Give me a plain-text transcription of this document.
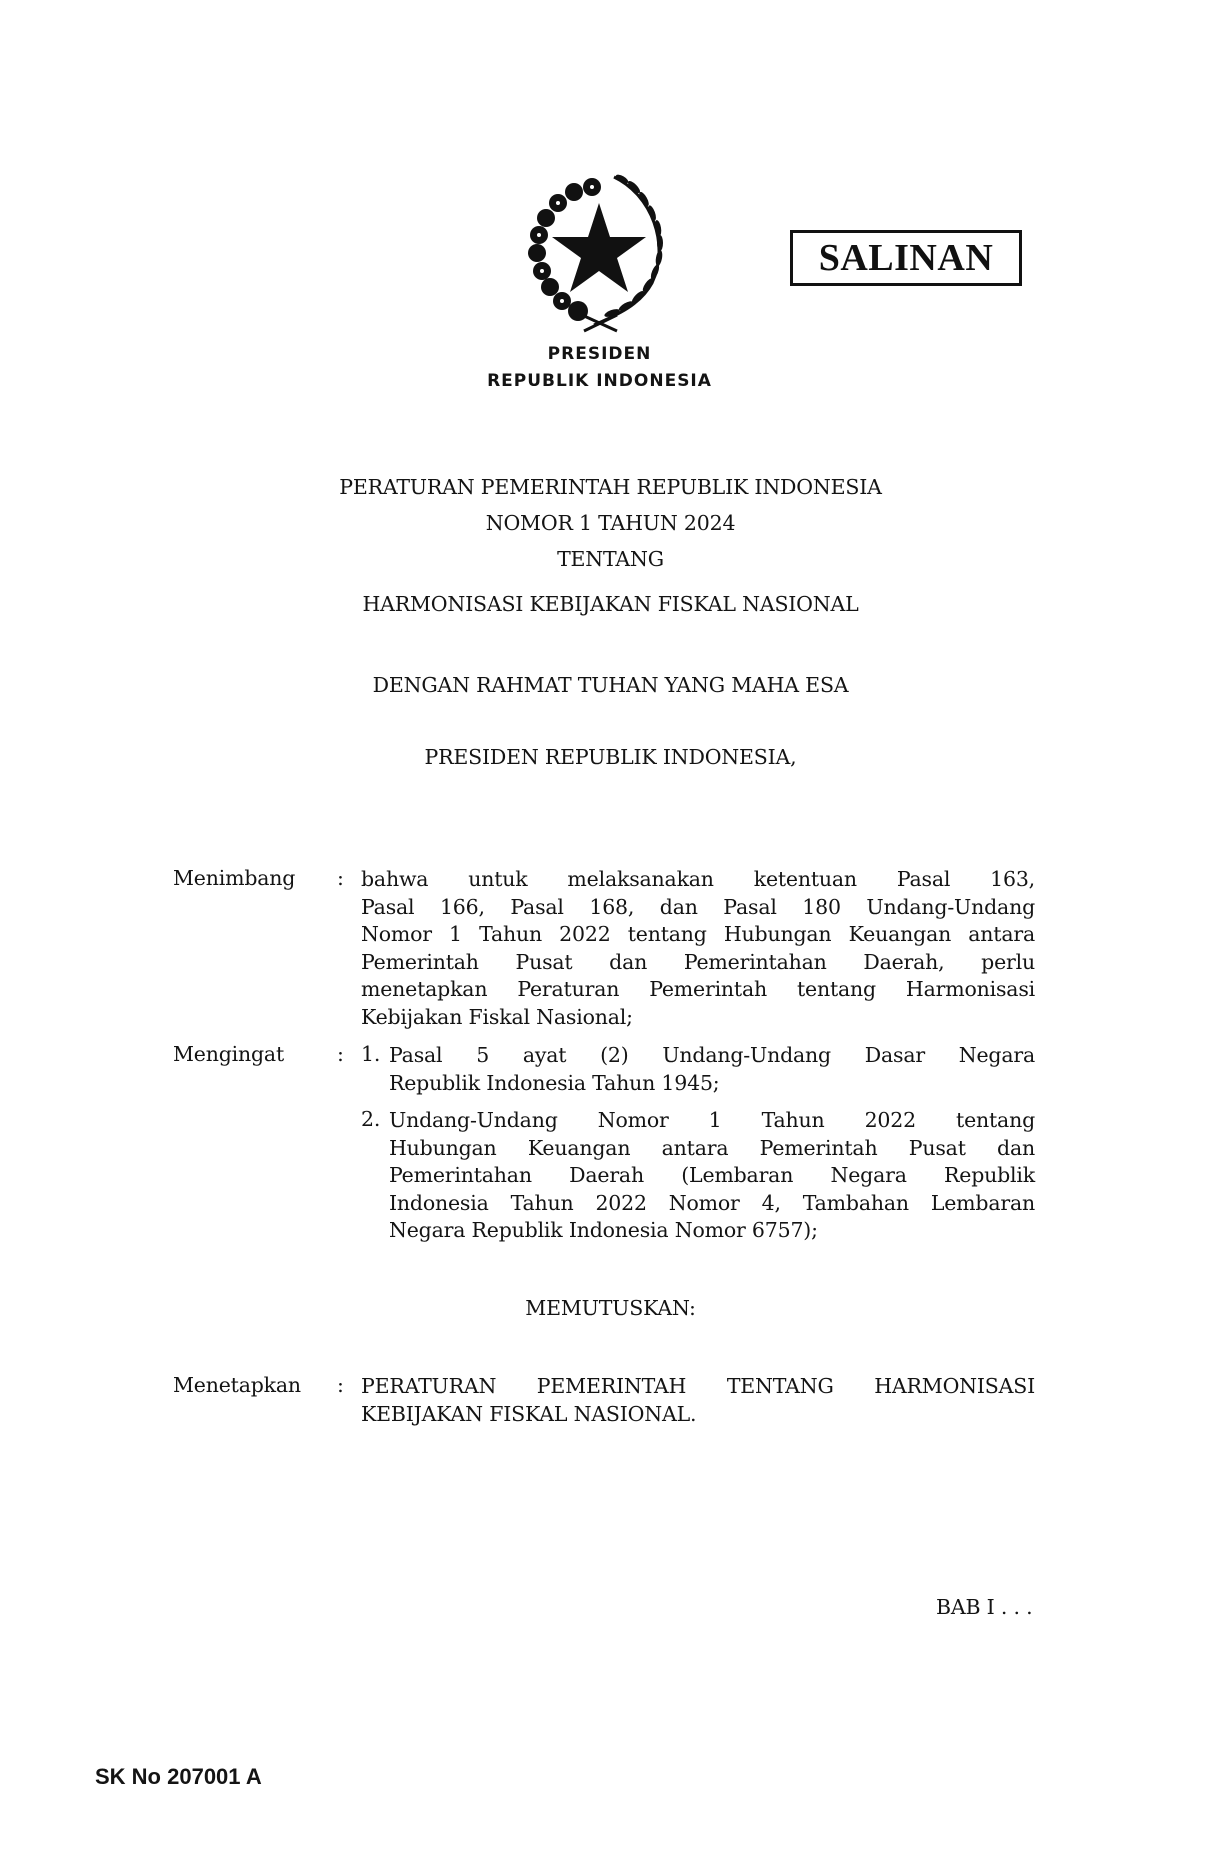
SALINAN
PRESIDEN
REPUBLIK INDONESIA
PERATURAN PEMERINTAH REPUBLIK INDONESIA
NOMOR 1 TAHUN 2024
TENTANG
HARMONISASI KEBIJAKAN FISKAL NASIONAL
DENGAN RAHMAT TUHAN YANG MAHA ESA
PRESIDEN REPUBLIK INDONESIA,
Menimbang : bahwa untuk melaksanakan ketentuan Pasal 163,
Pasal 166, Pasal 168, dan Pasal 180 Undang-Undang
Nomor 1 Tahun 2022 tentang Hubungan Keuangan antara
Pemerintah Pusat dan Pemerintahan Daerah, perlu
menetapkan Peraturan Pemerintah tentang Harmonisasi
Kebijakan Fiskal Nasional;
Mengingat	: 1. Pasal 5 ayat (2) Undang-Undang Dasar Negara
Republik Indonesia Tahun 1945;
2. Undang-Undang Nomor 1 Tahun 2022 tentang
Hubungan Keuangan antara Pemerintah Pusat dan
Pemerintahan Daerah (Lembaran Negara Republik
Indonesia Tahun 2022 Nomor 4, Tambahan Lembaran
Negara Republik Indonesia Nomor 6757);
MEMUTUSKAN:
Menetapkan : PERATURAN PEMERINTAH TENTANG HARMONISASI
KEBIJAKAN FISKAL NASIONAL.
BAB I . . .
SK No 207001 A
